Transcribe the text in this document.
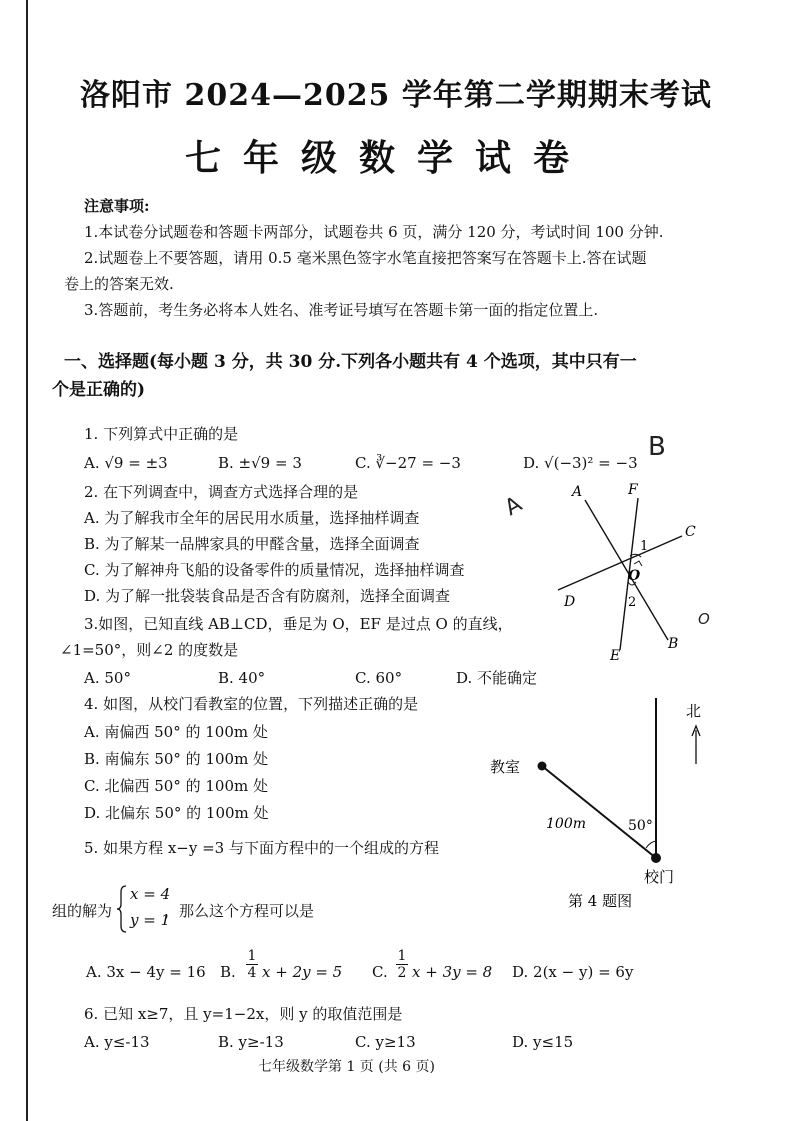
洛阳市 2024—2025 学年第二学期期末考试
七年级数学试卷
注意事项:
1.本试卷分试题卷和答题卡两部分，试题卷共 6 页，满分 120 分，考试时间 100 分钟.
2.试题卷上不要答题，请用 0.5 毫米黑色签字水笔直接把答案写在答题卡上.答在试题
卷上的答案无效.
3.答题前，考生务必将本人姓名、准考证号填写在答题卡第一面的指定位置上.
一、选择题(每小题 3 分，共 30 分.下列各小题共有 4 个选项，其中只有一
个是正确的)
1. 下列算式中正确的是
A. √9 = ±3	B. ±√9 = 3	C. ∛−27 = −3	D. √(−3)² = −3
2. 在下列调查中，调查方式选择合理的是
A. 为了解我市全年的居民用水质量，选择抽样调查
B. 为了解某一品牌家具的甲醛含量，选择全面调查
C. 为了解神舟飞船的设备零件的质量情况，选择抽样调查
D. 为了解一批袋装食品是否含有防腐剂，选择全面调查
3.如图，已知直线 AB⊥CD，垂足为 O，EF 是过点 O 的直线，
∠1=50°，则∠2 的度数是
A. 50°	B. 40°	C. 60°	D. 不能确定
4. 如图，从校门看教室的位置，下列描述正确的是
A. 南偏西 50° 的 100m 处
B. 南偏东 50° 的 100m 处
C. 北偏西 50° 的 100m 处
D. 北偏东 50° 的 100m 处
5. 如果方程 x−y =3 与下面方程中的一个组成的方程
组的解为
x = 4
y = 1
，那么这个方程可以是
A. 3x − 4y = 16 B. $\frac{1}{4}$ x + 2y = 5 C. $\frac{1}{2}$ x + 3y = 8 D. 2(x − y) = 6y
6. 已知 x≥7，且 y=1−2x，则 y 的取值范围是
A. y≤-13	B. y≥-13	C. y≥13	D. y≤15
A	F
C
D
O
B
E
1
2
北
教室
100m	50°
校门
第 4 题图
B
A
O
七年级数学第 1 页 (共 6 页)
